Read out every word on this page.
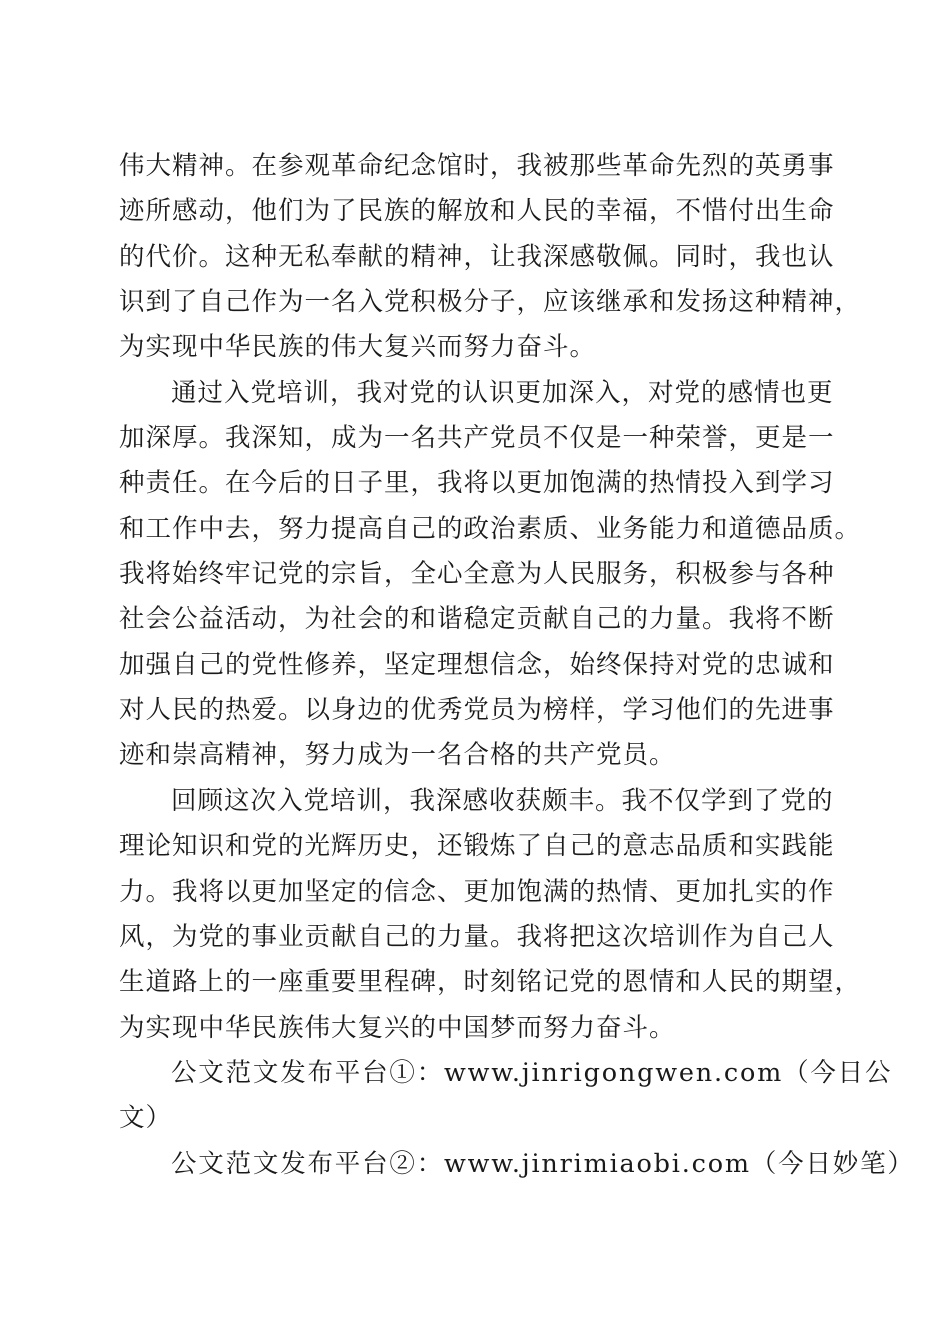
伟大精神。在参观革命纪念馆时，我被那些革命先烈的英勇事
迹所感动，他们为了民族的解放和人民的幸福，不惜付出生命
的代价。这种无私奉献的精神，让我深感敬佩。同时，我也认
识到了自己作为一名入党积极分子，应该继承和发扬这种精神，
为实现中华民族的伟大复兴而努力奋斗。
通过入党培训，我对党的认识更加深入，对党的感情也更
加深厚。我深知，成为一名共产党员不仅是一种荣誉，更是一
种责任。在今后的日子里，我将以更加饱满的热情投入到学习
和工作中去，努力提高自己的政治素质、业务能力和道德品质。
我将始终牢记党的宗旨，全心全意为人民服务，积极参与各种
社会公益活动，为社会的和谐稳定贡献自己的力量。我将不断
加强自己的党性修养，坚定理想信念，始终保持对党的忠诚和
对人民的热爱。以身边的优秀党员为榜样，学习他们的先进事
迹和崇高精神，努力成为一名合格的共产党员。
回顾这次入党培训，我深感收获颇丰。我不仅学到了党的
理论知识和党的光辉历史，还锻炼了自己的意志品质和实践能
力。我将以更加坚定的信念、更加饱满的热情、更加扎实的作
风，为党的事业贡献自己的力量。我将把这次培训作为自己人
生道路上的一座重要里程碑，时刻铭记党的恩情和人民的期望，
为实现中华民族伟大复兴的中国梦而努力奋斗。
公文范文发布平台①：www.jinrigongwen.com（今日公
文）
公文范文发布平台②：www.jinrimiaobi.com（今日妙笔）
